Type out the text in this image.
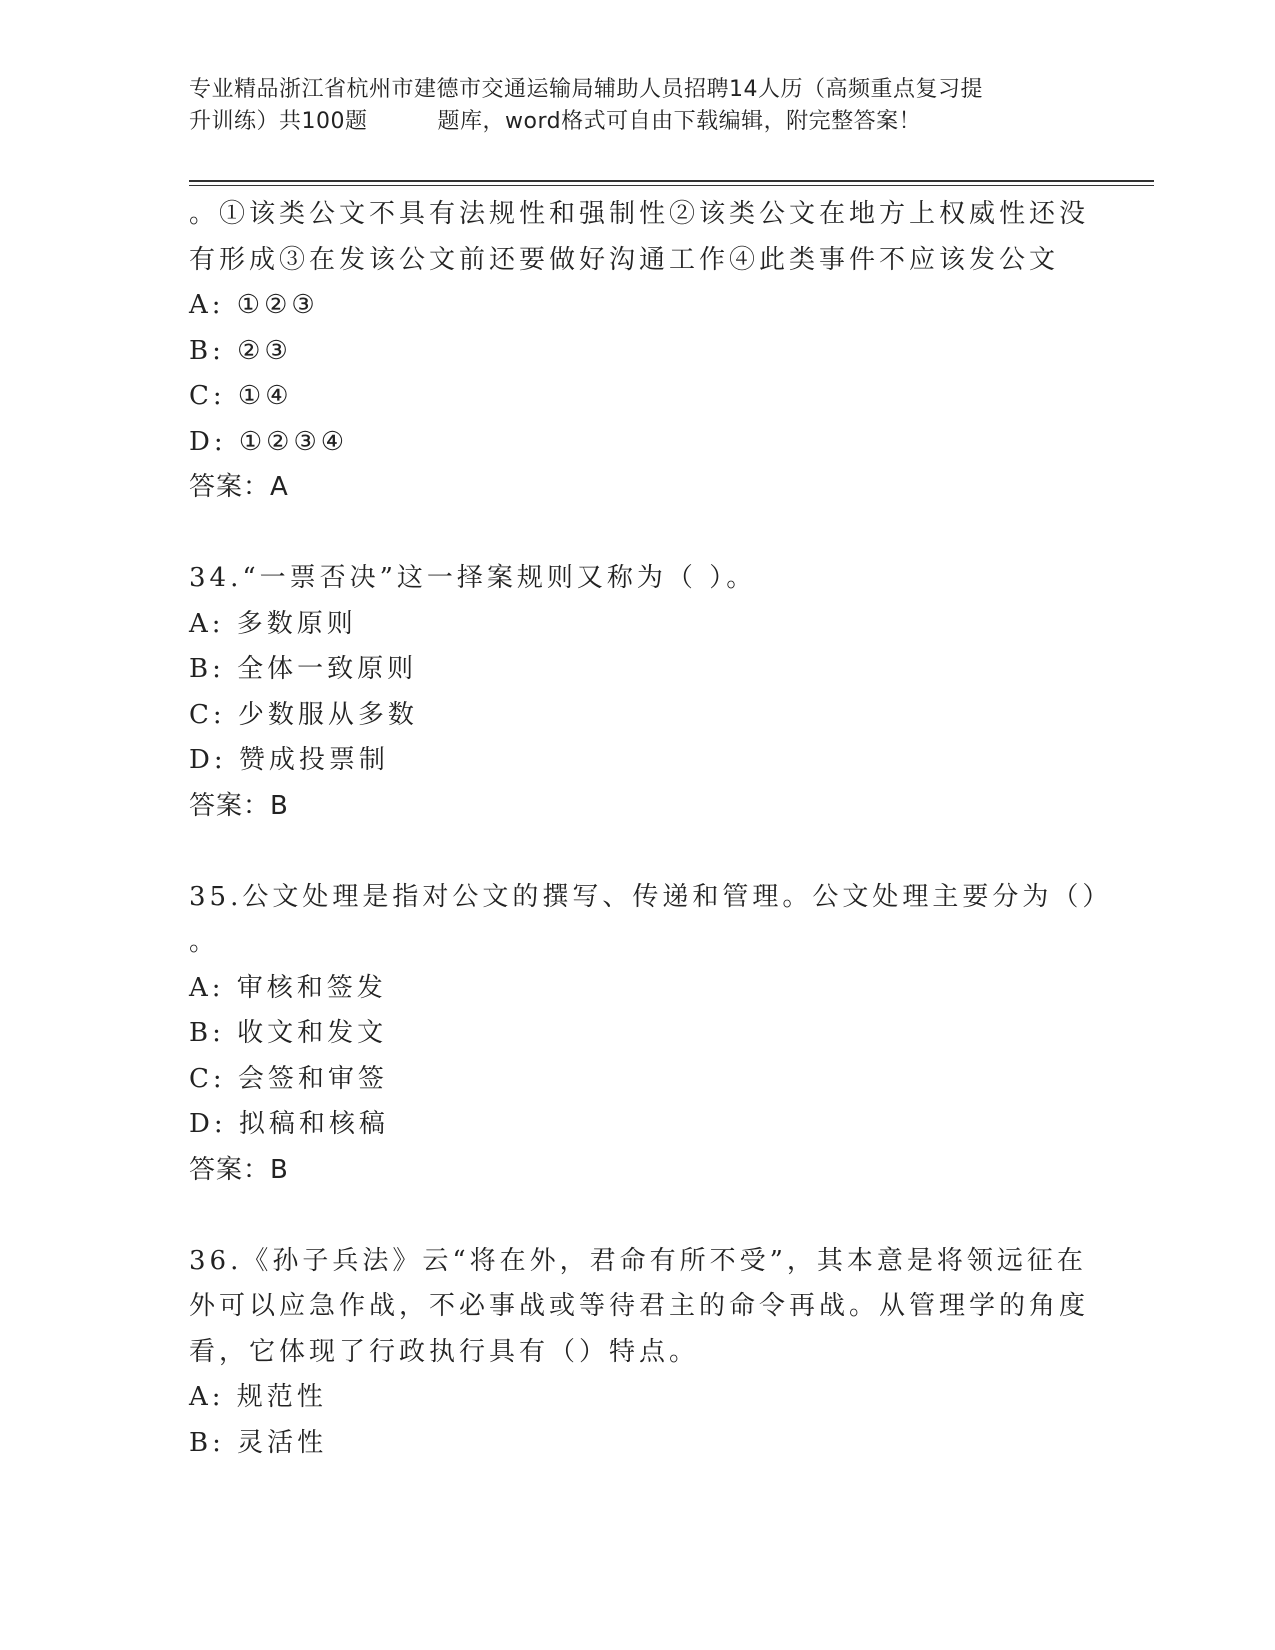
专业精品浙江省杭州市建德市交通运输局辅助人员招聘14人历（高频重点复习提
升训练）共100题	题库，word格式可自由下载编辑，附完整答案！
。①该类公文不具有法规性和强制性②该类公文在地方上权威性还没
有形成③在发该公文前还要做好沟通工作④此类事件不应该发公文
A: ①②③
B: ②③
C: ①④
D: ①②③④
答案：A
34.“一票否决”这一择案规则又称为（ ）。
A: 多数原则
B: 全体一致原则
C: 少数服从多数
D: 赞成投票制
答案：B
35.公文处理是指对公文的撰写、传递和管理。公文处理主要分为（）
。
A: 审核和签发
B: 收文和发文
C: 会签和审签
D: 拟稿和核稿
答案：B
36.《孙子兵法》云“将在外，君命有所不受”，其本意是将领远征在
外可以应急作战，不必事战或等待君主的命令再战。从管理学的角度
看，它体现了行政执行具有（）特点。
A: 规范性
B: 灵活性
